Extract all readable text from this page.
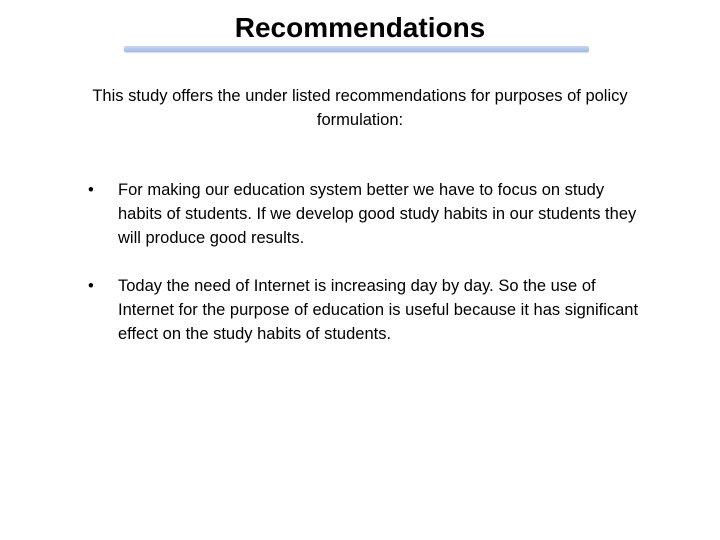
Recommendations
This study offers the under listed recommendations for purposes of policy formulation:
•	For making our education system better we have to focus on study habits of students. If we develop good study habits in our students they will produce good results.
•	Today the need of Internet is increasing day by day. So the use of Internet for the purpose of education is useful because it has significant effect on the study habits of students.
